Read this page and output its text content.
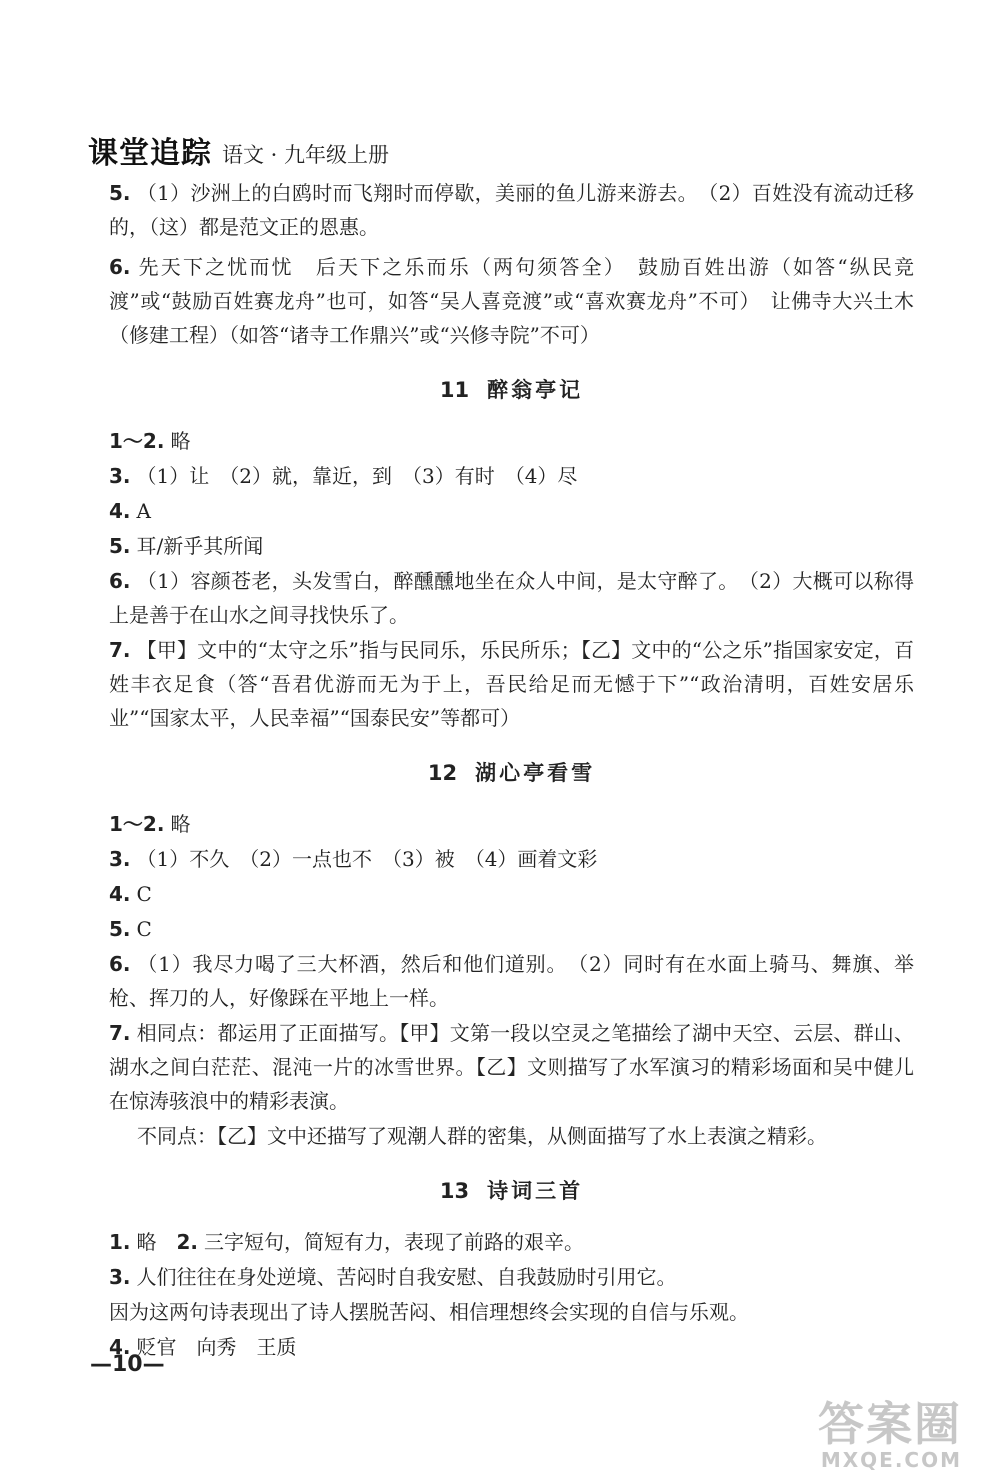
课堂追踪 语文 · 九年级上册

5. （1）沙洲上的白鸥时而飞翔时而停歇，美丽的鱼儿游来游去。　（2）百姓没有流动迁移的，（这）都是范文正的恩惠。

6. 先天下之忧而忧　后天下之乐而乐（两句须答全）　鼓励百姓出游（如答“纵民竞渡”或“鼓励百姓赛龙舟”也可，如答“吴人喜竞渡”或“喜欢赛龙舟”不可）　让佛寺大兴土木（修建工程）（如答“诸寺工作鼎兴”或“兴修寺院”不可）

11 醉翁亭记

1～2. 略

3. （1）让　（2）就，靠近，到　（3）有时　（4）尽

4. A

5. 耳/新乎其所闻

6. （1）容颜苍老，头发雪白，醉醺醺地坐在众人中间，是太守醉了。　（2）大概可以称得上是善于在山水之间寻找快乐了。

7. 【甲】文中的“太守之乐”指与民同乐，乐民所乐；【乙】文中的“公之乐”指国家安定，百姓丰衣足食（答“吾君优游而无为于上，吾民给足而无憾于下”“政治清明，百姓安居乐业”“国家太平，人民幸福”“国泰民安”等都可）

12 湖心亭看雪

1～2. 略

3. （1）不久　（2）一点也不　（3）被　（4）画着文彩

4. C

5. C

6. （1）我尽力喝了三大杯酒，然后和他们道别。　（2）同时有在水面上骑马、舞旗、举枪、挥刀的人，好像踩在平地上一样。

7. 相同点：都运用了正面描写。【甲】文第一段以空灵之笔描绘了湖中天空、云层、群山、湖水之间白茫茫、混沌一片的冰雪世界。【乙】文则描写了水军演习的精彩场面和吴中健儿在惊涛骇浪中的精彩表演。

不同点：【乙】文中还描写了观潮人群的密集，从侧面描写了水上表演之精彩。

13 诗词三首

1. 略　 2. 三字短句，简短有力，表现了前路的艰辛。

3. 人们往往在身处逆境、苦闷时自我安慰、自我鼓励时引用它。

因为这两句诗表现出了诗人摆脱苦闷、相信理想终会实现的自信与乐观。

4. 贬官　向秀　王质

—10—
答案圈
MXQE.COM
